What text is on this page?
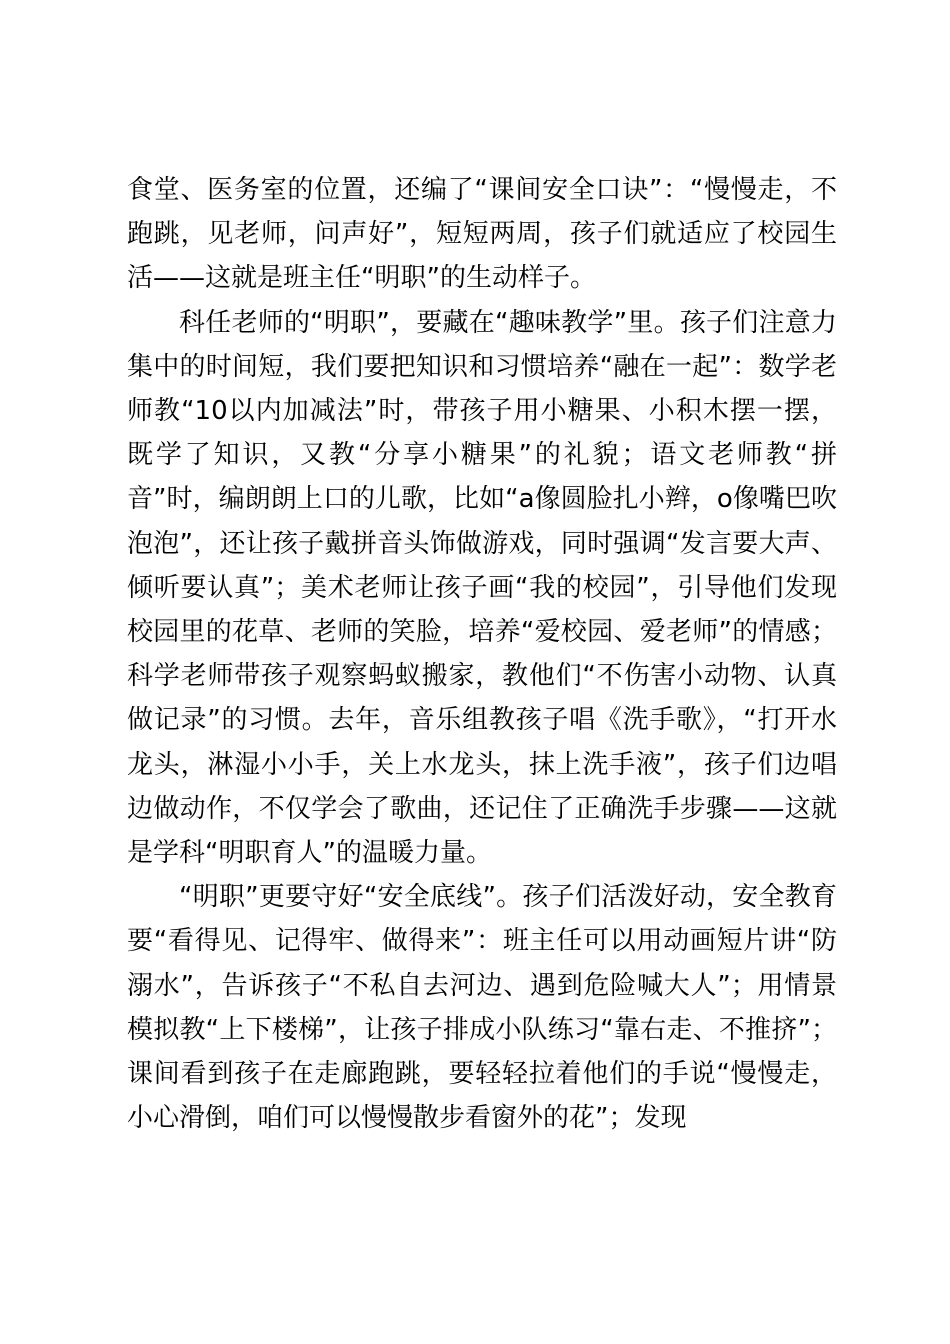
食堂、医务室的位置，还编了“课间安全口诀”：“慢慢走，不跑跳，见老师，问声好”，短短两周，孩子们就适应了校园生活——这就是班主任“明职”的生动样子。

科任老师的“明职”，要藏在“趣味教学”里。孩子们注意力集中的时间短，我们要把知识和习惯培养“融在一起”：数学老师教“10以内加减法”时，带孩子用小糖果、小积木摆一摆，既学了知识，又教“分享小糖果”的礼貌；语文老师教“拼音”时，编朗朗上口的儿歌，比如“a像圆脸扎小辫，o像嘴巴吹泡泡”，还让孩子戴拼音头饰做游戏，同时强调“发言要大声、倾听要认真”；美术老师让孩子画“我的校园”，引导他们发现校园里的花草、老师的笑脸，培养“爱校园、爱老师”的情感；科学老师带孩子观察蚂蚁搬家，教他们“不伤害小动物、认真做记录”的习惯。去年，音乐组教孩子唱《洗手歌》，“打开水龙头，淋湿小小手，关上水龙头，抹上洗手液”，孩子们边唱边做动作，不仅学会了歌曲，还记住了正确洗手步骤——这就是学科“明职育人”的温暖力量。

“明职”更要守好“安全底线”。孩子们活泼好动，安全教育要“看得见、记得牢、做得来”：班主任可以用动画短片讲“防溺水”，告诉孩子“不私自去河边、遇到危险喊大人”；用情景模拟教“上下楼梯”，让孩子排成小队练习“靠右走、不推挤”；课间看到孩子在走廊跑跳，要轻轻拉着他们的手说“慢慢走，小心滑倒，咱们可以慢慢散步看窗外的花”；发现
